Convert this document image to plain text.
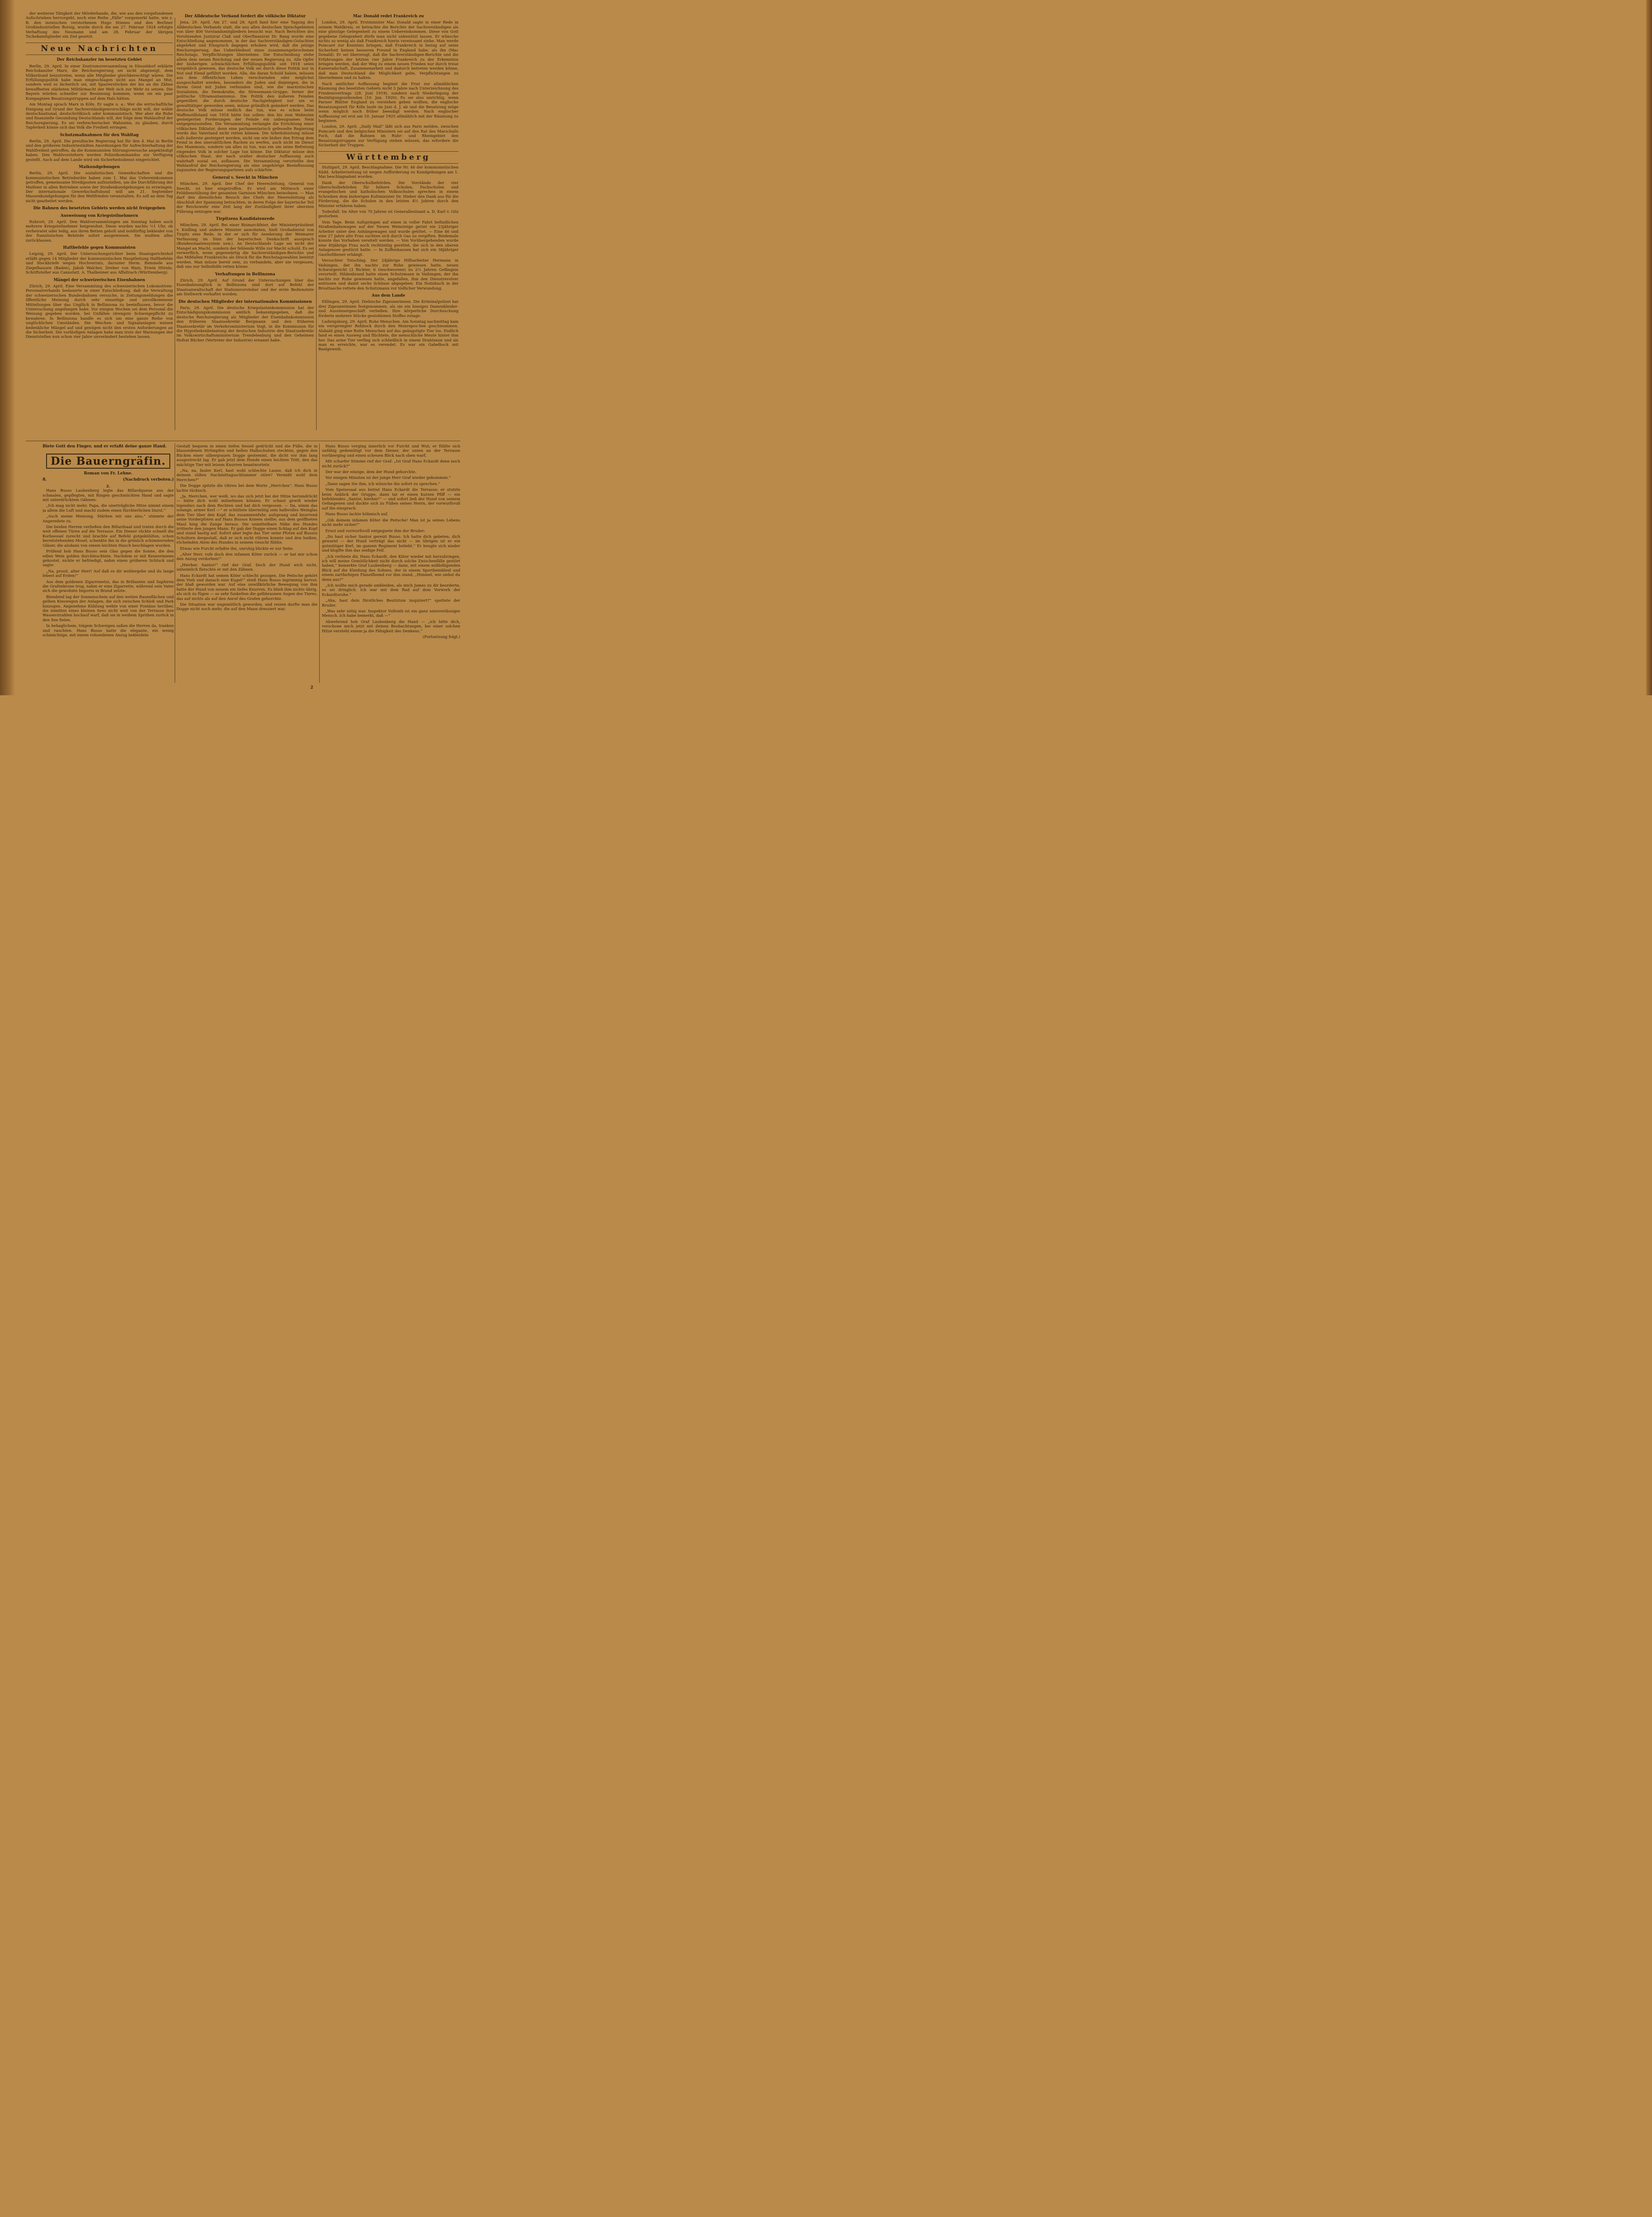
der weiteren Tätigkeit der Mörderbande, die, wie aus den vorgefundenen Aufschrieben hervorgeht, noch eine Reihe „Fälle“ vorgemerkt hatte, wie z. B. den inzwischen verstorbenen Hugo Stinnes und den Berliner Großindustriellen Borsig, wurde durch die am 27. Februar 1924 erfolgte Verhaftung des Neumann und am 28. Februar der übrigen Tschekamitglieder ein Ziel gesetzt.

Neue Nachrichten
Der Reichskanzler im besetzten Gebiet

Berlin, 29. April. In einer Zentrumsversammlung in Düsseldorf erklärte Reichskanzler Marx, die Reichsregierung sei nicht abgeneigt, dem Völkerbund beizutreten, wenn alle Mitglieder gleichberechtigt wären. Die Erfüllungspolitik habe man eingeschlagen nicht aus Mangel an Mut, sondern weil es lächerlich sei, mit Spazierstöcken der bis an die Zähne bewaffneten stärksten Militärmacht der Welt sich zur Wehr zu setzen. Die Bayern würden schneller zur Besinnung kommen, wenn sie ein paar Kompagnien Besatzungstruppen auf dem Hals hätten.

Am Montag sprach Marx in Köln. Er sagte u. a.: Wer die wirtschaftliche Einigung auf Grund der Sachverständigenvorschläge nicht will, der wähle deutschnational, deutschvölkisch oder kommunistisch. Wer aber die Ruhe und finanzielle Gesundung Deutschlands will, der folge dem Wahlaufruf der Reichsregierung. Es sei verbrecherischer Wahnsinn, zu glauben, durch Tapferkeit könne sich das Volk die Freiheit erringen.

Schutzmaßnahmen für den Wahltag

Berlin, 29. April. Die preußische Regierung hat für den 4. Mai in Berlin und den größeren Industriestädten Anordnungen für Aufrechterhaltung der Wahlfreiheit getroffen, da die Kommunisten Störungsversuche angekündigt haben. Den Wahlvorstehern werden Polizeikommandos zur Verfügung gestellt. Auch auf dem Lande wird ein Sicherheitsdienst eingerichtet.

Maikundgebungen

Berlin, 29. April. Die sozialistischen Gewerkschaften und die kommunistischen Betriebsräte haben zum 1. Mai das Uebereinkommen getroffen, gemeinsame Streikposten aufzustellen, um die Durchführung der Maifeier in allen Betrieben sowie der Straßenkundgebungen zu erzwingen. Der internationale Gewerkschaftsbund will am 21. September Massenkundgebungen für den Weltfrieden veranstalten. Es soll an dem Tag nicht gearbeitet werden.

Die Bahnen des besetzten Gebiets werden nicht freigegeben
Ausweisung von Kriegsteilnehmern

Ruhrort, 29. April. Den Wahlversammlungen am Sonntag haben auch mehrere Kriegsteilnehmer beigewohnt. Diese wurden nachts ½1 Uhr, ob verheiratet oder ledig, aus ihren Betten geholt und notdürftig bekleidet von der französischen Behörde sofort ausgewiesen. Sie mußten alles zurücklassen.

Haftbefehle gegen Kommunisten

Leipzig, 29. April. Der Untersuchungsrichter beim Staatsgerichtshof erläßt gegen 14 Mitglieder der kommunistischen Hauptleitung Haftbefehle und Steckbriefe wegen Hochverrats, darunter Herm. Remmele aus Ziegelhausen (Baden), Jakob Walcher, Dreher von Wain, Erwin Hörnle, Schriftsteller aus Cannstatt, A. Thalheimer aus Affaltrach (Württemberg).

Mängel der schweizerischen Eisenbahnen

Zürich, 29. April. Eine Versammlung des schweizerischen Lokomotiven-Personalverbands bedauerte in einer Entschließung, daß die Verwaltung der schweizerischen Bundesbahnen versuche, in Zeitungsmeldungen die öffentliche Meinung durch sehr einseitige und unvollkommene Mitteilungen über das Unglück in Bellinzona zu beeinflussen, bevor die Untersuchung angefangen habe. Vor einigen Wochen sei dem Personal die Weisung gegeben worden, bei Unfällen strengste Schweigepflicht zu bewahren. In Bellinzona handle es sich um eine ganze Reihe von unglücklichen Umständen. Die Weichen- und Signalanlagen weisen bedenkliche Mängel auf und genügen nicht den ersten Anforderungen an die Sicherheit. Die vorläufigen Anlagen habe man trotz der Warnungen der Dienststellen nun schon vier Jahre unverändert bestehen lassen.

Der Alldeutsche Verband fordert die völkische Diktatur

Jena, 29. April. Am 27. und 28. April fand hier eine Tagung des Alldeutschen Verbands statt, die aus allen deutschen Sprachgebieten von über 400 Vorstandsmitgliedern besucht war. Nach Berichten des Vorsitzenden Justizrat Claß und Oberfinanzrat Dr. Bang wurde eine Entschließung angenommen, in der das Sachverständigen-Gutachten abgelehnt und Einspruch dagegen erhoben wird, daß die jetzige Reichsregierung, das Ueberbleibsel eines zusammengebrochenen Reichstags, Verpflichtungen übernehme. Die Entscheidung stehe allein dem neuen Reichstag und der neuen Regierung zu. Alle Opfer der bisherigen schwächlichen Erfüllungspolitik seit 1918 seien vergeblich gewesen, das deutsche Volk sei durch diese Politik nur in Not und Elend geführt worden. Alle, die daran Schuld haben, müssen aus dem öffentlichen Leben verschwinden oder möglichst ausgeschaltet werden, besonders die Juden und diejenigen, die in ihrem Geist mit Juden verbunden sind, wie die marxistischen Sozialisten, die Demokratie, die Stresemann-Gruppe; ferner der politische Ultramontanismus. Die Politik den äußeren Feinden gegenüber, die durch deutsche Nachgiebigkeit nur um so gewalttätiger geworden seien, müsse gründlich geändert werden. Das deutsche Volk müsse endlich das tun, was es schon beim Waffenstillstand von 1918 hätte tun sollen: den bis zum Wahnsinn gesteigerten Forderungen der Feinde ein unbeugsames Nein entgegenzustellen. Die Versammlung verlangte die Errichtung einer völkischen Diktatur, denn eine parlamentarisch gefesselte Regierung werde das Vaterland nicht retten können. Die Arbeitsleistung müsse aufs äußerste gesteigert werden, nicht um wie bisher den Ertrag dem Feind in den unersättlichen Rachen zu werfen, auch nicht im Dienst des Mammons, sondern um alles zu tun, was ein um seine Befreiung ringendes Volk in solcher Lage tun könne. Die Diktatur müsse den völkischen Staat, der nach uralter deutscher Auffassung auch wahrhaft sozial sei, aufbauen. Die Versammlung verurteilte den Wahlaufruf der Reichsregierung als eine ungehörige Beeinflussung zugunsten der Regierungsparteien aufs schärfste.

General v. Seeckt in München

München, 29. April. Der Chef der Heeresleitung, General von Seeckt, ist hier eingetroffen. Er wird am Mittwoch einer Felddienstübung der gesamten Garnison München beiwohnen. — Man darf den dienstlichen Besuch des Chefs der Heeresleitung als Abschluß der Spannung betrachten, in deren Folge der bayerische Teil der Reichswehr eine Zeit lang der Zuständigkeit ihrer obersten Führung entzogen war.

Tirpitzens Kandidatenrede

München, 29. April. Bei einer Bismarckfeier, der Ministerpräsident v. Knilling und andere Minister anwohnten, hielt Großadmiral von Tirpitz eine Rede, in der er sich für Aenderung der Weimarer Verfassung im Sinn der bayerischen Denkschrift aussprach (Bundesstaatensystem usw.). An Deutschlands Lage sei nicht der Mangel an Macht, sondern der fehlende Wille zur Macht schuld. Es sei verwerflich, wenn gegenwärtig die Sachverständigen-Berichte und das Mißfallen Frankreichs als Druck für die Reichstagswahlen benützt werden. Man müsse bereit sein, zu verhandeln, aber nie vergessen, daß uns nur Selbsthilfe retten könne.

Verhaftungen in Bellinzona

Zürich, 29. April. Auf Grund der Untersuchungen über das Eisenbahnunglück in Bellinzona sind dort auf Befehl der Staatsanwaltschaft der Stationsvorsteher und der erste Bedienstete am Stellwerk verhaftet worden.

Die deutschen Mitglieder der internationalen Kommissionen

Paris, 29. April. Die deutsche Kriegslastenkommission hat der Entschädigungskommission amtlich bekanntgegeben, daß die deutsche Reichsregierung als Mitglieder der Eisenbahnkommission den früheren Staatssekretär Bergmann und den früheren Staatssekretär im Verkehrsministerium Vogt, in die Kommission für die Hypothekenbelastung der deutschen Industrie den Staatssekretär im Volkswirtschaftsministerium Trendelenburg und den Geheimen Hofrat Bücher (Vertreter der Industrie) ernannt habe.

Mac Donald redet Frankreich zu

London, 29. April. Erstminister Mac Donald sagte in einer Rede in seinem Wahlkreis, er betrachte die Berichte der Sachverständigen als eine günstige Gelegenheit zu einem Uebereinkommen. Diese von Gott gegebene Gelegenheit dürfe man nicht unbenützt lassen. Er wünsche nichts so wenig als daß Frankreich hierin vereinsamt stehe. Man werde Poincaré zur Kenntnis bringen, daß Frankreich in bezug auf seine Sicherheit keinen besseren Freund in England habe, als ihn (Mac Donald). Er sei überzeugt, daß die Sachverständigen-Berichte und die Erfahrungen der letzten vier Jahre Frankreich zu der Erkenntnis bringen werden, daß der Weg zu einem neuen Frieden nur durch treue Kameradschaft, Zusammenarbeit und dadurch betreten werden könne, daß man Deutschland die Möglichkeit gebe, Verpflichtungen zu übernehmen und zu halten.

Nach amtlicher Auffassung beginnt die Frist zur allmählichen Räumung des besetzten Gebiets nicht 5 Jahre nach Unterzeichnung des Friedensvertrags (28. Juni 1919), sondern nach Niederlegung der Bestätigungsurkunden (10. Jan. 1920). Es sei also unrichtig, wenn Pariser Blätter England zu verstehen geben wollten, die englische Besatzungszeit für Köln laufe im Juni d. J. ab und die Besatzung möge wenn möglich noch früher beendigt werden. Nach englischer Auffassung sei erst am 10. Januar 1925 allmählich mit der Räumung zu beginnen.

London, 29. April. „Daily Mail“ läßt sich aus Paris melden, zwischen Poincaré und den belgischen Ministern sei auf den Rat des Marschalls Foch, daß die Bahnen im Ruhr- und Rheingebiet den Besatzungstruppen zur Verfügung stehen müssen, das erfordere die Sicherheit der Truppen.

Württemberg

Stuttgart, 29. April. Beschlagnahme. Die Nr. 46 der kommunistischen Südd. Arbeiterzeitung ist wegen Aufforderung zu Kundgebungen am 1. Mai beschlagnahmt worden.

Dank der Oberschulbehörden. Die Vorstände der vier Oberschulbehörden für höhere Schulen, Fachschulen und evangelischen und katholischen Volksschulen sprechen in einem Schreiben dem bisherigen Kultminister Dr. Hieber den Dank aus für die Förderung, die die Schulen in den letzten 4½ Jahren durch den Minister erfahren haben.

Todesfall. Im Alter von 70 Jahren ist Generalleutnant a. D. Karl v. Göz gestorben.

Vom Tage. Beim Aufspringen auf einen in voller Fahrt befindlichen Straßenbahnwagen auf der Neuen Weinsteige geriet ein 23jähriger Arbeiter unter den Anhängewagen und wurde getötet. — Eine 46 und eine 27 Jahre alte Frau suchten sich durch Gas zu vergiften. Beidemale konnte das Vorhaben vereitelt werden. — Von Vorübergehenden wurde eine 40jährige Frau noch rechtzeitig gerettet, die sich in den oberen Anlagensee gestürzt hatte. — In Zuffenhausen hat sich ein 38jähriger Gasthofdiener erhängt.

Versuchter Totschlag. Der 24jährige Hilfsarbeiter Hermann in Vaihingen, der ihn nachts zur Ruhe gewiesen hatte, neuen Schwurgericht (3 Richter, 6 Geschworene) zu 2½ Jahren Gefängnis verurteilt. Hildenbrand hatte einen Schutzmann in Vaihingen, der ihn nachts zur Ruhe gewiesen hatte, angefallen, ihm den Dienstrevolver entrissen und damit sechs Schüsse abgegeben. Ein Notizbuch in der Brusttasche rettete den Schutzmann vor tödlicher Verwundung.

Aus dem Lande

Eßlingen, 29. April. Diebische Zigeunerinnen. Die Kriminalpolizei hat drei Zigeunerinnen festgenommen, als sie ein hiesiges Damenkleider- und Aussteuergeschäft verließen. Ihre körperliche Durchsuchung förderte mehrere Stücke gestohlenen Stoffes zutage.

Ludwigsburg, 29. April. Rohe Menschen. Am Sonntag nachmittag kam ein versprengter Rehbock durch den Monrepos-See geschwommen. Alsbald ging eine Rotte Menschen auf das geängstigte Tier los. Endlich fand es einen Ausweg und flüchtete, die menschliche Meute hinter ihm her. Das arme Tier verfing sich schließlich in einem Drahtzaun und als man es erreichte, war es verendet. Es war ein Gabelbock mit Bastgeweih.

Biete Gott den Finger, und er erfaßt deine ganze Hand.
Die Bauerngräfin.
Roman von Fr. Lehne.
8.	(Nachdruck verboten.)
2.

Hans Busso Laubenberg legte das Billardqueue aus der schmalen, gepflegten, mit Ringen geschmückten Hand und sagte mit unterdrücktem Gähnen:

„Ich mag nicht mehr, Papa, die unerträgliche Hitze nimmt einem ja allem die Luft und macht zudem einen fürchterlichen Durst.“

„Auch meine Meinung. Stärken wir uns also,“ stimmte der Angeredete zu.

Die beiden Herren verließen den Billardsaal und traten durch die weit offenen Türen auf die Terrasse. Ein Diener rückte schnell die Korbsessel zurecht und brachte auf Befehl gutgekühlten, schon bereitstehenden Mosel, schenkte ihn in die grünlich schimmernden Gläser, die alsdann von einem leichten Hauch beschlagen wurden.

Prüfend hob Hans Busso sein Glas gegen die Sonne, die den edlen Wein golden durchleuchtete. Nachdem er mit Kennermiene gekostet, nickte er befriedigt, nahm einen größeren Schluck und sagte:

„Na, prosit, alter Herr! Auf daß es dir wohlergehe und du lange lebest auf Erden!“

Aus dem goldenen Zigarrenetui, das in Brillanten und Saphiren die Grafenkrone trug, nahm er eine Zigarrette, während sein Vater sich die gewohnte Importe in Brand setzte.

Blendend lag der Sonnenschein auf den weiten Rasenflächen und gelben Kieswegen der Anlagen, die sich zwischen Schloß und Park hinzogen. Angenehme Kühlung wehte von einer Fontäne herüber, die inmitten eines kleinen Sees nicht weit von der Terrasse ihre Wasserstrahlen hochauf warf, daß sie in weißem Sprühen zurück in den See fielen.

In behaglichem, trägem Schweigen saßen die Herren da, tranken und rauchten. Hans Busso hatte die elegante, ein wenig schmächtige, mit einem rohseidenen Anzug bekleidete

Gestalt bequem in einen tiefen Sessel gedrückt und die Füße, die in blauseidenen Strümpfen und hellen Halbschuhen steckten, gegen den Rücken einer silbergrauen Dogge gestemmt, die dicht vor ihm lang ausgestreckt lag. Er gab jetzt dem Hunde einen leichten Tritt, den das mächtige Tier mit leisem Knurren beantwortete.

„Na, na, fauler Kerl, hast wohl schlechte Laune, daß ich dich in deinem süßen Nachmittagsschlummer störe? Vermißt wohl dein Herrchen?“

Die Dogge spitzte die Ohren bei dem Worte „Herrchen“. Hans Busso lachte tückisch.

„Ja, Herrchen, wer weiß, wo das sich jetzt bei der Hitze herumdrückt — hätte dich wohl mitnehmen können. Er schaut gewiß wieder irgendwo nach dem Rechten und hat dich vergessen. — Da, nimm das solange, armer Kerl —“ er schüttete übermütig sein halbvolles Weinglas dem Tier über den Kopf, das zusammenfuhr, aufsprang und knurrend seine Vorderpfoten auf Hans Bussos Knieen stellte; aus dem geöffneten Maul hing die Zunge heraus. Die unmittelbare Nähe des Hundes irritierte den jungen Mann. Er gab der Dogge einen Schlag auf den Kopf und stand hastig auf. Sofort aber legte das Tier seine Pfoten auf Bussos Schultern dergestalt, daß er sich nicht rühren konnte und den heißen, röchelnden Atem des Hundes in seinem Gesicht fühlte.

Etwas wie Furcht erfaßte ihn, unruhig blickte er zur Seite.

„Alter Herr, rufe doch den infamen Köter zurück — er hat mir schon den Anzug verdorben!“

„Hierher, Santor!“ rief der Graf. Doch der Hund wich nicht, unheimlich fletschte er mit den Zähnen.

Hans Eckardt hat seinen Köter schlecht gezogen. Die Peitsche gehört dem Vieh und danach eine Kugel!“ stieß Hans Busso ingrimmig hervor, der blaß geworden war. Auf eine unwillkürliche Bewegung von ihm hatte der Hund von neuem ein tiefes Knurren. Es blieb ihm nichts übrig, als sich zu fügen — so sehr funkelten die gelbbraunen Augen des Tieres, das auf nichts als auf den Anruf des Grafen gehorchte.

Die Situation war ungemütlich geworden, und reizen durfte man die Dogge nicht noch mehr, die auf den Mann dressiert war.

Hans Busso verging innerlich vor Furcht und Wut; er fühlte sich unfähig gedemütigt vor dem Diener, der unten an der Terrasse vorüberging und einen scheuen Blick nach oben warf.

Mit scharfer Stimme rief der Graf: „Ist Graf Hans Eckardt denn noch nicht zurück?“

Der war der einzige, dem der Hund gehorchte.

Vor einigen Minuten ist der junge Herr Graf wieder gekommen.“

„Dann sagen Sie ihm, ich wünsche ihn sofort zu sprechen.“

Vom Speisesaal aus betrat Hans Eckardt die Terrasse; er stutzte beim Anblick der Gruppe, dann tat er einen kurzen Pfiff — ein befehlendes „Santor, hierher!“ — und sofort ließ der Hund von seinem Gefangenen und duckte sich zu Füßen seines Herrn, der vorwurfsvoll auf ihn einsprach.

Hans Busso lachte höhnisch auf.

„Gib deinem infamen Köter die Peitsche! Man ist ja seines Lebens nicht mehr sicher!“

Ernst und vorwurfsvoll entgegnete ihm der Bruder:

„Du hast sicher Santor gereizt Busso. Ich hatte dich gebeten, dich gewarnt — der Hund verträgt das nicht — im übrigen ist er ein gutmütiger Kerl, im ganzen Regiment beliebt.“ Er beugte sich nieder und klopfte ihm das seidige Fell.

„Ich verbiete dir, Hans Eckardt, den Köter wieder mit herzubringen, ich will meine Gemütlichkeit nicht durch solche Zwischenfälle gestört haben,“ bemerkte Graf Laubenberg — dann, mit einem mißbilligenden Blick auf die Kleidung des Sohnes, der in einem Sportbeinkleid und einem zartfarbigen Flanellhemd vor ihm stand, „Himmel, wie siehst du denn aus?“

„Ich wollte mich gerade umkleiden, als mich James zu dir beorderte, es sei dringlich. Ich war mit dem Rad auf dem Vorwerk der Eckardtsruhe.“

„Aha, hast dein fürstliches Besitztum inspiziert?“ spottete der Bruder.

„Was sehr nötig war. Inspektor Vollrath ist ein ganz unzuverlässiger Mensch. Ich habe bemerkt, daß —“

Abwehrend hob Graf Laubenberg die Hand — „ich bitte dich, verschone mich jetzt mit deinen Beobachtungen, bei einer solchen Hitze versteht einem ja die Fähigkeit des Denkens.“

(Fortsetzung folgt.)

2
